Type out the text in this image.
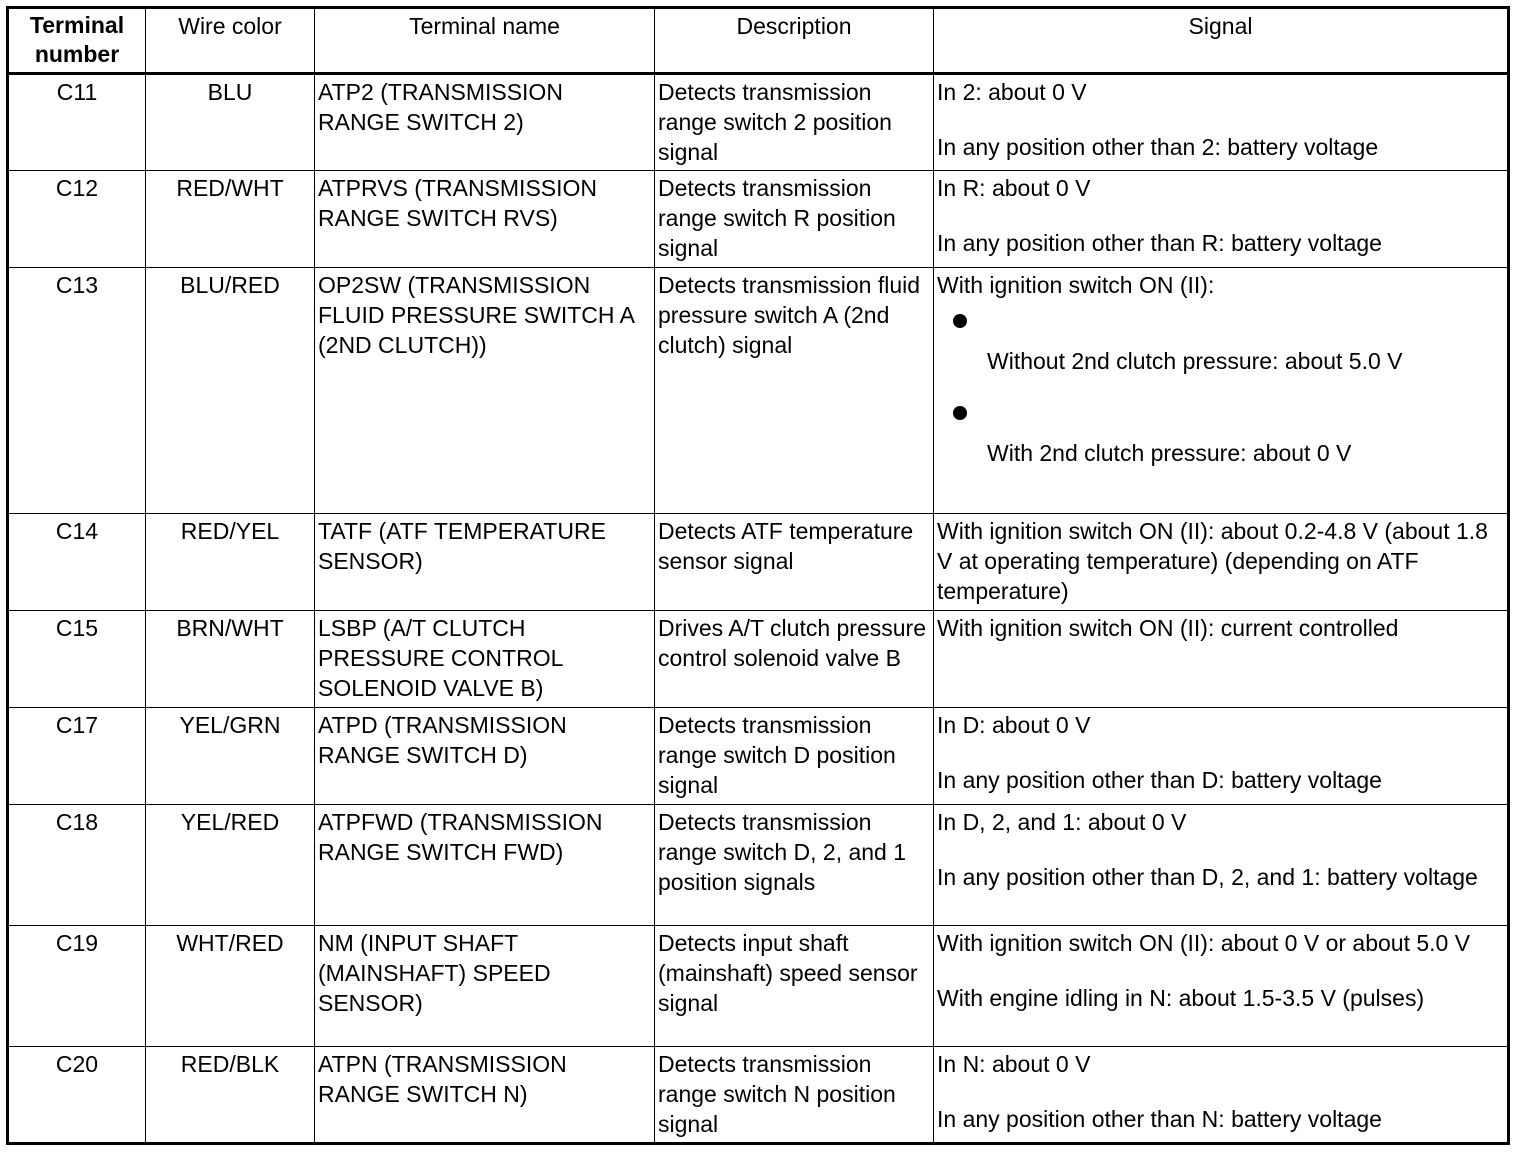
Terminal number	Wire color	Terminal name	Description	Signal
C11	BLU	ATP2 (TRANSMISSION RANGE SWITCH 2)	Detects transmission range switch 2 position signal	In 2: about 0 V
In any position other than 2: battery voltage

C12	RED/WHT	ATPRVS (TRANSMISSION RANGE SWITCH RVS)	Detects transmission range switch R position signal	In R: about 0 V
In any position other than R: battery voltage

C13	BLU/RED	OP2SW (TRANSMISSION FLUID PRESSURE SWITCH A (2ND CLUTCH))	Detects transmission fluid pressure switch A (2nd clutch) signal	With ignition switch ON (II):
Without 2nd clutch pressure: about 5.0 V
With 2nd clutch pressure: about 0 V

C14	RED/YEL	TATF (ATF TEMPERATURE SENSOR)	Detects ATF temperature sensor signal	With ignition switch ON (II): about 0.2-4.8 V (about 1.8 V at operating temperature) (depending on ATF temperature)

C15	BRN/WHT	LSBP (A/T CLUTCH PRESSURE CONTROL SOLENOID VALVE B)	Drives A/T clutch pressure control solenoid valve B	With ignition switch ON (II): current controlled

C17	YEL/GRN	ATPD (TRANSMISSION RANGE SWITCH D)	Detects transmission range switch D position signal	In D: about 0 V
In any position other than D: battery voltage

C18	YEL/RED	ATPFWD (TRANSMISSION RANGE SWITCH FWD)	Detects transmission range switch D, 2, and 1 position signals	In D, 2, and 1: about 0 V
In any position other than D, 2, and 1: battery voltage

C19	WHT/RED	NM (INPUT SHAFT (MAINSHAFT) SPEED SENSOR)	Detects input shaft (mainshaft) speed sensor signal	With ignition switch ON (II): about 0 V or about 5.0 V
With engine idling in N: about 1.5-3.5 V (pulses)

C20	RED/BLK	ATPN (TRANSMISSION RANGE SWITCH N)	Detects transmission range switch N position signal	In N: about 0 V
In any position other than N: battery voltage
